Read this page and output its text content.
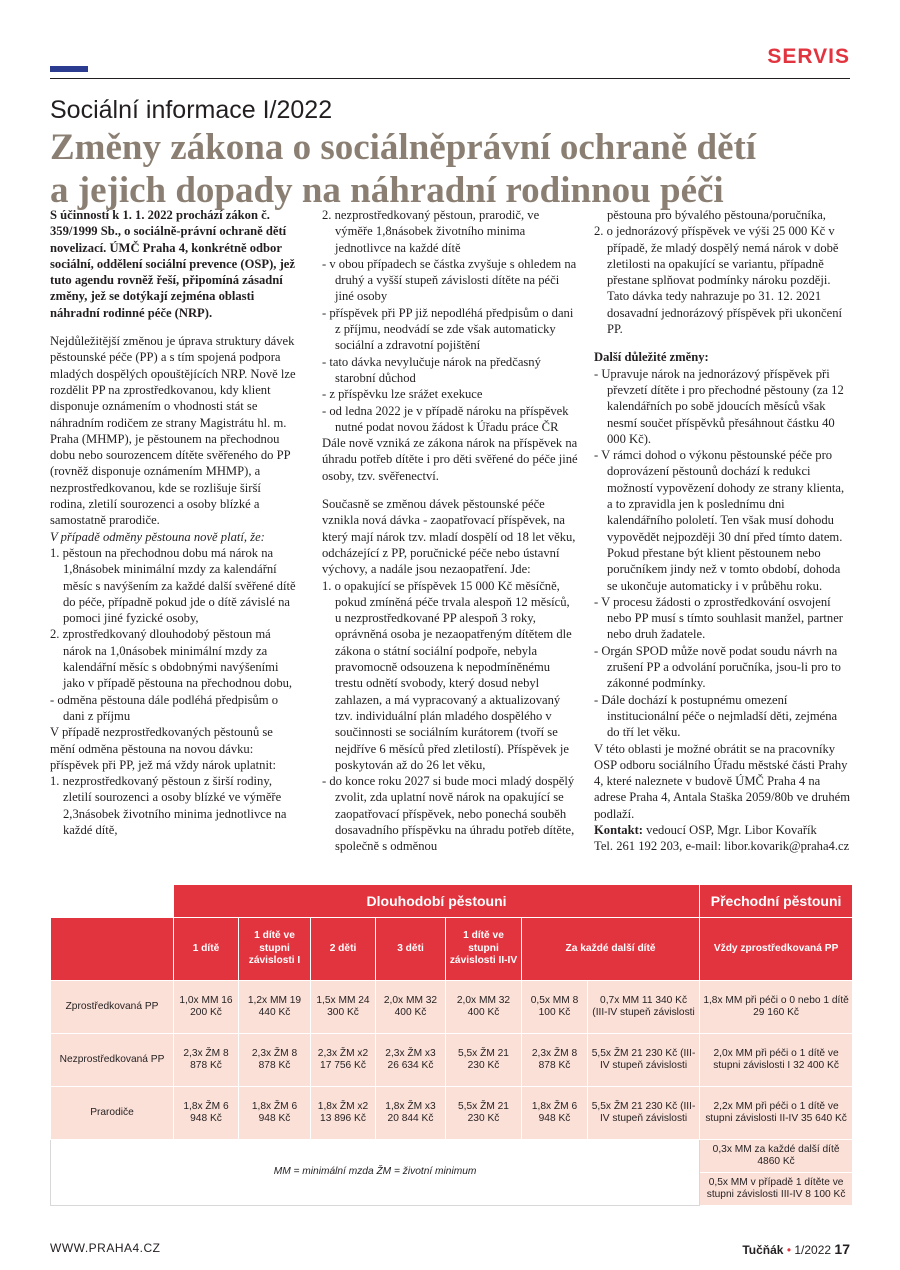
SERVIS
Sociální informace I/2022
Změny zákona o sociálněprávní ochraně dětí
a jejich dopady na náhradní rodinnou péči

S účinností k 1. 1. 2022 prochází zákon č. 359/1999 Sb., o sociálně-právní ochraně dětí novelizací. ÚMČ Praha 4, konkrétně odbor sociální, oddělení sociální prevence (OSP), jež tuto agendu rovněž řeší, připomíná zásadní změny, jež se dotýkají zejména oblasti náhradní rodinné péče (NRP).

Nejdůležitější změnou je úprava struktury dávek pěstounské péče (PP) a s tím spojená podpora mladých dospělých opouštějících NRP. Nově lze rozdělit PP na zprostředkovanou, kdy klient disponuje oznámením o vhodnosti stát se náhradním rodičem ze strany Magistrátu hl. m. Praha (MHMP), je pěstounem na přechodnou dobu nebo sourozencem dítěte svěřeného do PP (rovněž disponuje oznámením MHMP), a nezprostředkovanou, kde se rozlišuje širší rodina, zletilí sourozenci a osoby blízké a samostatně prarodiče.

V případě odměny pěstouna nově platí, že:

1. pěstoun na přechodnou dobu má nárok na 1,8násobek minimální mzdy za kalendářní měsíc s navýšením za každé další svěřené dítě do péče, případně pokud jde o dítě závislé na pomoci jiné fyzické osoby,

2. zprostředkovaný dlouhodobý pěstoun má nárok na 1,0násobek minimální mzdy za kalendářní měsíc s obdobnými navýšeními jako v případě pěstouna na přechodnou dobu,

- odměna pěstouna dále podléhá předpisům o dani z příjmu

V případě nezprostředkovaných pěstounů se mění odměna pěstouna na novou dávku: příspěvek při PP, jež má vždy nárok uplatnit:

1. nezprostředkovaný pěstoun z širší rodiny, zletilí sourozenci a osoby blízké ve výměře 2,3násobek životního minima jednotlivce na každé dítě,

2. nezprostředkovaný pěstoun, prarodič, ve výměře 1,8násobek životního minima jednotlivce na každé dítě

- v obou případech se částka zvyšuje s ohledem na druhý a vyšší stupeň závislosti dítěte na péči jiné osoby

- příspěvek při PP již nepodléhá předpisům o dani z příjmu, neodvádí se zde však automaticky sociální a zdravotní pojištění

- tato dávka nevylučuje nárok na předčasný starobní důchod

- z příspěvku lze srážet exekuce

- od ledna 2022 je v případě nároku na příspěvek nutné podat novou žádost k Úřadu práce ČR

Dále nově vzniká ze zákona nárok na příspěvek na úhradu potřeb dítěte i pro děti svěřené do péče jiné osoby, tzv. svěřenectví.

Současně se změnou dávek pěstounské péče vznikla nová dávka - zaopatřovací příspěvek, na který mají nárok tzv. mladí dospělí od 18 let věku, odcházející z PP, poručnické péče nebo ústavní výchovy, a nadále jsou nezaopatření. Jde:

1. o opakující se příspěvek 15 000 Kč měsíčně, pokud zmíněná péče trvala alespoň 12 měsíců, u nezprostředkované PP alespoň 3 roky, oprávněná osoba je nezaopatřeným dítětem dle zákona o státní sociální podpoře, nebyla pravomocně odsouzena k nepodmíněnému trestu odnětí svobody, který dosud nebyl zahlazen, a má vypracovaný a aktualizovaný tzv. individuální plán mladého dospělého v součinnosti se sociálním kurátorem (tvoří se nejdříve 6 měsíců před zletilostí). Příspěvek je poskytován až do 26 let věku,

- do konce roku 2027 si bude moci mladý dospělý zvolit, zda uplatní nově nárok na opakující se zaopatřovací příspěvek, nebo ponechá souběh dosavadního příspěvku na úhradu potřeb dítěte, společně s odměnou

pěstouna pro bývalého pěstouna/poručníka,

2. o jednorázový příspěvek ve výši 25 000 Kč v případě, že mladý dospělý nemá nárok v době zletilosti na opakující se variantu, případně přestane splňovat podmínky nároku později. Tato dávka tedy nahrazuje po 31. 12. 2021 dosavadní jednorázový příspěvek při ukončení PP.

Další důležité změny:

- Upravuje nárok na jednorázový příspěvek při převzetí dítěte i pro přechodné pěstouny (za 12 kalendářních po sobě jdoucích měsíců však nesmí součet příspěvků přesáhnout částku 40 000 Kč).

- V rámci dohod o výkonu pěstounské péče pro doprovázení pěstounů dochází k redukci možností vypovězení dohody ze strany klienta, a to zpravidla jen k poslednímu dni kalendářního pololetí. Ten však musí dohodu vypovědět nejpozději 30 dní před tímto datem. Pokud přestane být klient pěstounem nebo poručníkem jindy než v tomto období, dohoda se ukončuje automaticky i v průběhu roku.

- V procesu žádosti o zprostředkování osvojení nebo PP musí s tímto souhlasit manžel, partner nebo druh žadatele.

- Orgán SPOD může nově podat soudu návrh na zrušení PP a odvolání poručníka, jsou-li pro to zákonné podmínky.

- Dále dochází k postupnému omezení institucionální péče o nejmladší děti, zejména do tří let věku.

V této oblasti je možné obrátit se na pracovníky OSP odboru sociálního Úřadu městské části Prahy 4, které naleznete v budově ÚMČ Praha 4 na adrese Praha 4, Antala Staška 2059/80b ve druhém podlaží.

Kontakt: vedoucí OSP, Mgr. Libor Kovařík

Tel. 261 192 203, e-mail: libor.kovarik@praha4.cz

	Dlouhodobí pěstouni							Přechodní pěstouni
	1 dítě	1 dítě ve stupni závislosti I	2 děti	3 děti	1 dítě ve stupni závislosti II-IV	Za každé další dítě		Vždy zprostředkovaná PP
Zprostředkovaná PP	1,0x MM 16 200 Kč	1,2x MM 19 440 Kč	1,5x MM 24 300 Kč	2,0x MM 32 400 Kč	2,0x MM 32 400 Kč	0,5x MM 8 100 Kč	0,7x MM 11 340 Kč (III-IV stupeň závislosti	1,8x MM při péči o 0 nebo 1 dítě 29 160 Kč
Nezprostředkovaná PP	2,3x ŽM 8 878 Kč	2,3x ŽM 8 878 Kč	2,3x ŽM x2 17 756 Kč	2,3x ŽM x3 26 634 Kč	5,5x ŽM 21 230 Kč	2,3x ŽM 8 878 Kč	5,5x ŽM 21 230 Kč (III-IV stupeň závislosti	2,0x MM při péči o 1 dítě ve stupni závislosti I 32 400 Kč
Prarodiče	1,8x ŽM 6 948 Kč	1,8x ŽM 6 948 Kč	1,8x ŽM x2 13 896 Kč	1,8x ŽM x3 20 844 Kč	5,5x ŽM 21 230 Kč	1,8x ŽM 6 948 Kč	5,5x ŽM 21 230 Kč (III-IV stupeň závislosti	2,2x MM při péči o 1 dítě ve stupni závislosti II-IV 35 640 Kč
MM = minimální mzda ŽM = životní minimum								0,3x MM za každé další dítě 4860 Kč
								0,5x MM v případě 1 dítěte ve stupni závislosti III-IV 8 100 Kč
WWW.PRAHA4.CZ	Tučňák • 1/2022 17
